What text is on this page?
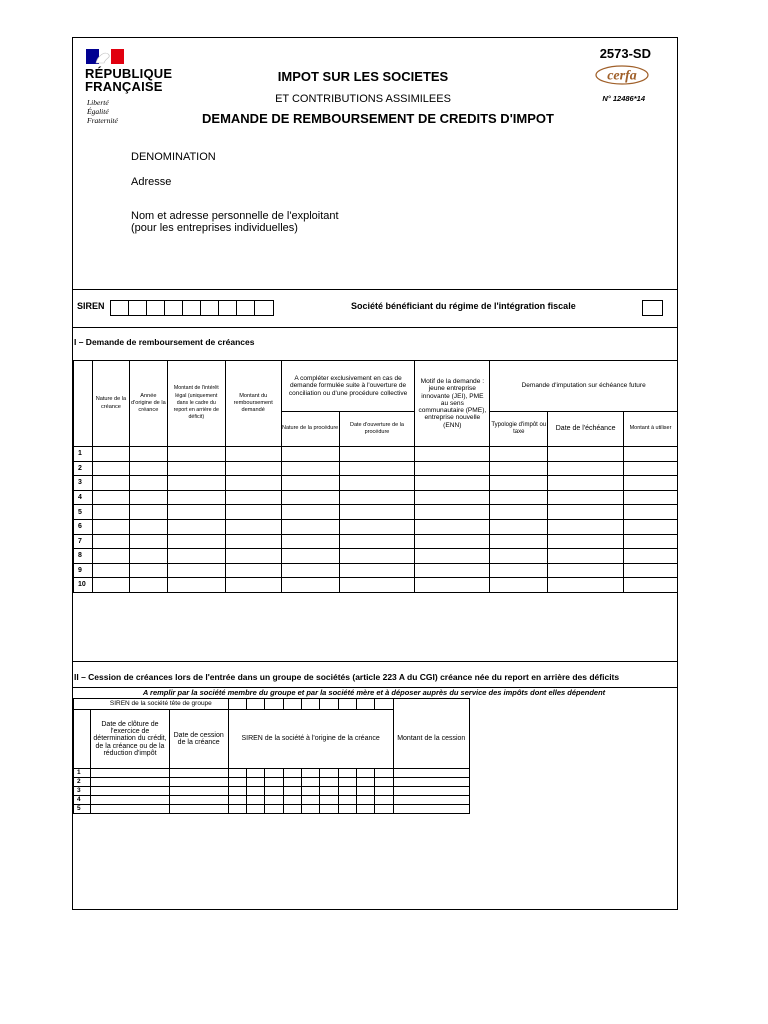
RÉPUBLIQUE
FRANÇAISE
Liberté
Égalité
Fraternité
IMPOT SUR LES SOCIETES
ET CONTRIBUTIONS ASSIMILEES
DEMANDE DE REMBOURSEMENT DE CREDITS D'IMPOT
2573-SD
cerfa
N° 12486*14
DENOMINATION
Adresse
Nom et adresse personnelle de l'exploitant
(pour les entreprises individuelles)
SIREN	Société bénéficiant du régime de l'intégration fiscale
I – Demande de remboursement de créances
	Nature de la créance	Année d'origine de la créance	Montant de l'intérêt légal (uniquement dans le cadre du report en arrière de déficit)	Montant du remboursement demandé	A compléter exclusivement en cas de demande formulée suite à l'ouverture de conciliation ou d'une procédure collective		Motif de la demande : jeune entreprise innovante (JEI), PME au sens communautaire (PME), entreprise nouvelle (ENN)	Demande d'imputation sur échéance future		
					Nature de la procédure	Date d'ouverture de la procédure		Typologie d'impôt ou taxe	Date de l'échéance	Montant à utiliser
1										
2										
3										
4										
5										
6										
7										
8										
9										
10										
II – Cession de créances lors de l'entrée dans un groupe de sociétés (article 223 A du CGI) créance née du report en arrière des déficits
A remplir par la société membre du groupe et par la société mère et à déposer auprès du service des impôts dont elles dépendent
SIREN de la société tête de groupe												
	Date de clôture de l'exercice de détermination du crédit, de la créance ou de la réduction d'impôt	Date de cession de la créance	SIREN de la société à l'origine de la créance									Montant de la cession
1												
2												
3												
4												
5												
